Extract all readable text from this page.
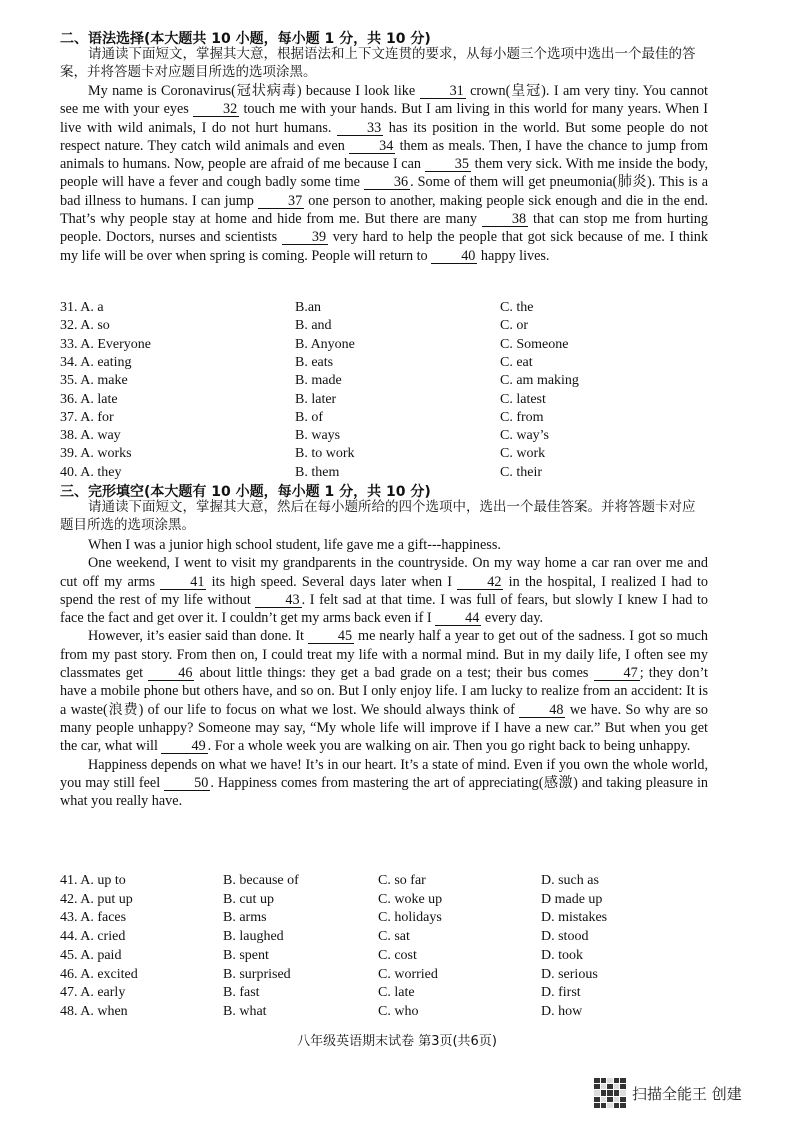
二、语法选择(本大题共 10 小题，每小题 1 分，共 10 分)
请通读下面短文，掌握其大意，根据语法和上下文连贯的要求，从每小题三个选项中选出一个最佳的答案，并将答题卡对应题目所选的选项涂黑。

My name is Coronavirus(冠状病毒) because I look like 31 crown(皇冠). I am very tiny. You cannot see me with your eyes 32 touch me with your hands. But I am living in this world for many years. When I live with wild animals, I do not hurt humans. 33 has its position in the world. But some people do not respect nature. They catch wild animals and even 34 them as meals. Then, I have the chance to jump from animals to humans. Now, people are afraid of me because I can 35 them very sick. With me inside the body, people will have a fever and cough badly some time 36 . Some of them will get pneumonia(肺炎). This is a bad illness to humans. I can jump 37 one person to another, making people sick enough and die in the end. That’s why people stay at home and hide from me. But there are many 38 that can stop me from hurting people. Doctors, nurses and scientists 39 very hard to help the people that got sick because of me. I think my life will be over when spring is coming. People will return to 40 happy lives.

31. A. a	B.an	C. the
32. A. so	B. and	C. or
33. A. Everyone	B. Anyone	C. Someone
34. A. eating	B. eats	C. eat
35. A. make	B. made	C. am making
36. A. late	B. later	C. latest
37. A. for	B. of	C. from
38. A. way	B. ways	C. way’s
39. A. works	B. to work	C. work
40. A. they	B. them	C. their
三、完形填空(本大题有 10 小题，每小题 1 分，共 10 分)
请通读下面短文，掌握其大意，然后在每小题所给的四个选项中，选出一个最佳答案。并将答题卡对应题目所选的选项涂黑。

When I was a junior high school student, life gave me a gift---happiness.

One weekend, I went to visit my grandparents in the countryside. On my way home a car ran over me and cut off my arms 41 its high speed. Several days later when I 42 in the hospital, I realized I had to spend the rest of my life without 43 . I felt sad at that time. I was full of fears, but slowly I knew I had to face the fact and get over it. I couldn’t get my arms back even if I 44 every day.

However, it’s easier said than done. It 45 me nearly half a year to get out of the sadness. I got so much from my past story. From then on, I could treat my life with a normal mind. But in my daily life, I often see my classmates get 46 about little things: they get a bad grade on a test; their bus comes 47 ; they don’t have a mobile phone but others have, and so on. But I only enjoy life. I am lucky to realize from an accident: It is a waste(浪费) of our life to focus on what we lost. We should always think of 48 we have. So why are so many people unhappy? Someone may say, “My whole life will improve if I have a new car.” But when you get the car, what will 49 . For a whole week you are walking on air. Then you go right back to being unhappy.

Happiness depends on what we have! It’s in our heart. It’s a state of mind. Even if you own the whole world, you may still feel 50 . Happiness comes from mastering the art of appreciating(感激) and taking pleasure in what you really have.

41. A. up to	B. because of	C. so far	D. such as
42. A. put up	B. cut up	C. woke up	D made up
43. A. faces	B. arms	C. holidays	D. mistakes
44. A. cried	B. laughed	C. sat	D. stood
45. A. paid	B. spent	C. cost	D. took
46. A. excited	B. surprised	C. worried	D. serious
47. A. early	B. fast	C. late	D. first
48. A. when	B. what	C. who	D. how
八年级英语期末试卷 第3页(共6页)
扫描全能王 创建
